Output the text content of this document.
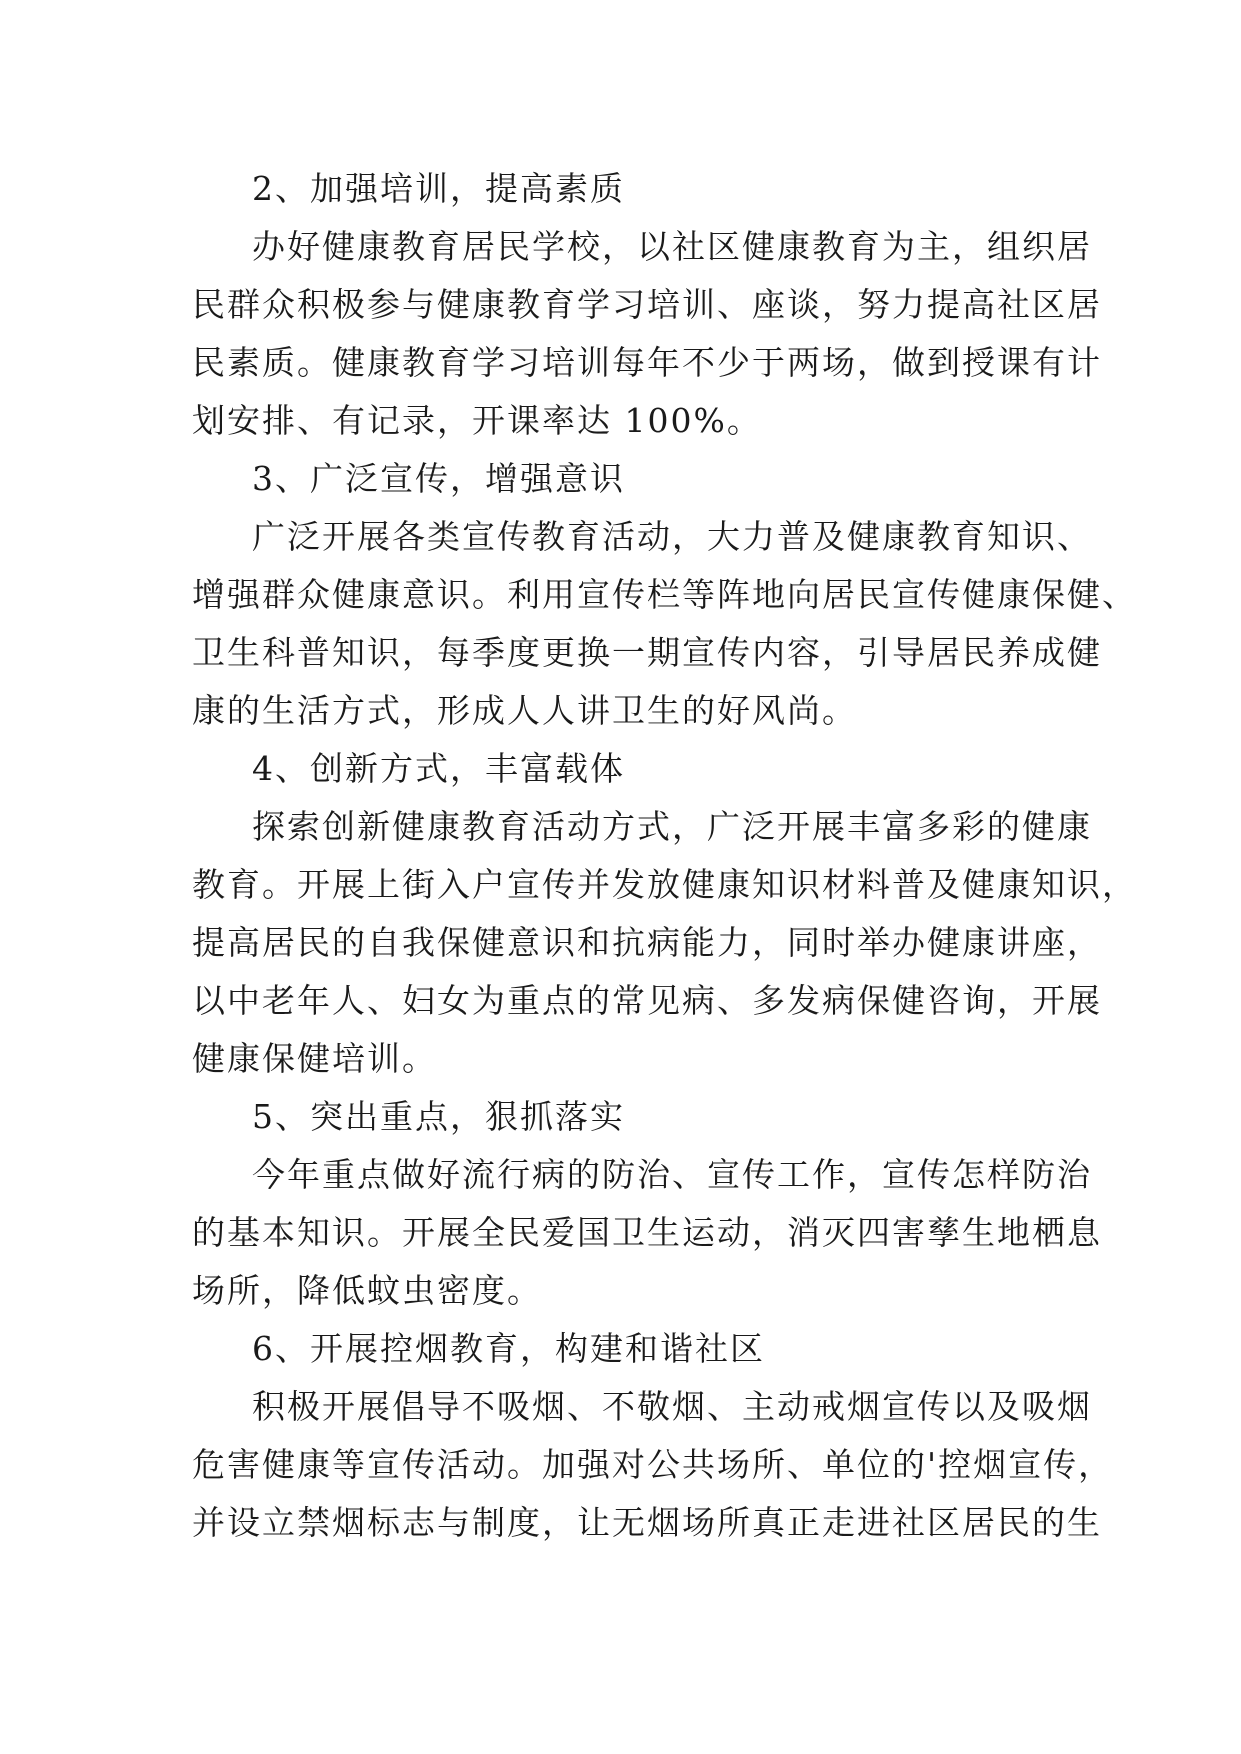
2、加强培训，提高素质
办好健康教育居民学校，以社区健康教育为主，组织居
民群众积极参与健康教育学习培训、座谈，努力提高社区居
民素质。健康教育学习培训每年不少于两场，做到授课有计
划安排、有记录，开课率达 100%。
3、广泛宣传，增强意识
广泛开展各类宣传教育活动，大力普及健康教育知识、
增强群众健康意识。利用宣传栏等阵地向居民宣传健康保健、
卫生科普知识，每季度更换一期宣传内容，引导居民养成健
康的生活方式，形成人人讲卫生的好风尚。
4、创新方式，丰富载体
探索创新健康教育活动方式，广泛开展丰富多彩的健康
教育。开展上街入户宣传并发放健康知识材料普及健康知识，
提高居民的自我保健意识和抗病能力，同时举办健康讲座，
以中老年人、妇女为重点的常见病、多发病保健咨询，开展
健康保健培训。
5、突出重点，狠抓落实
今年重点做好流行病的防治、宣传工作，宣传怎样防治
的基本知识。开展全民爱国卫生运动，消灭四害孳生地栖息
场所，降低蚊虫密度。
6、开展控烟教育，构建和谐社区
积极开展倡导不吸烟、不敬烟、主动戒烟宣传以及吸烟
危害健康等宣传活动。加强对公共场所、单位的'控烟宣传，
并设立禁烟标志与制度，让无烟场所真正走进社区居民的生
